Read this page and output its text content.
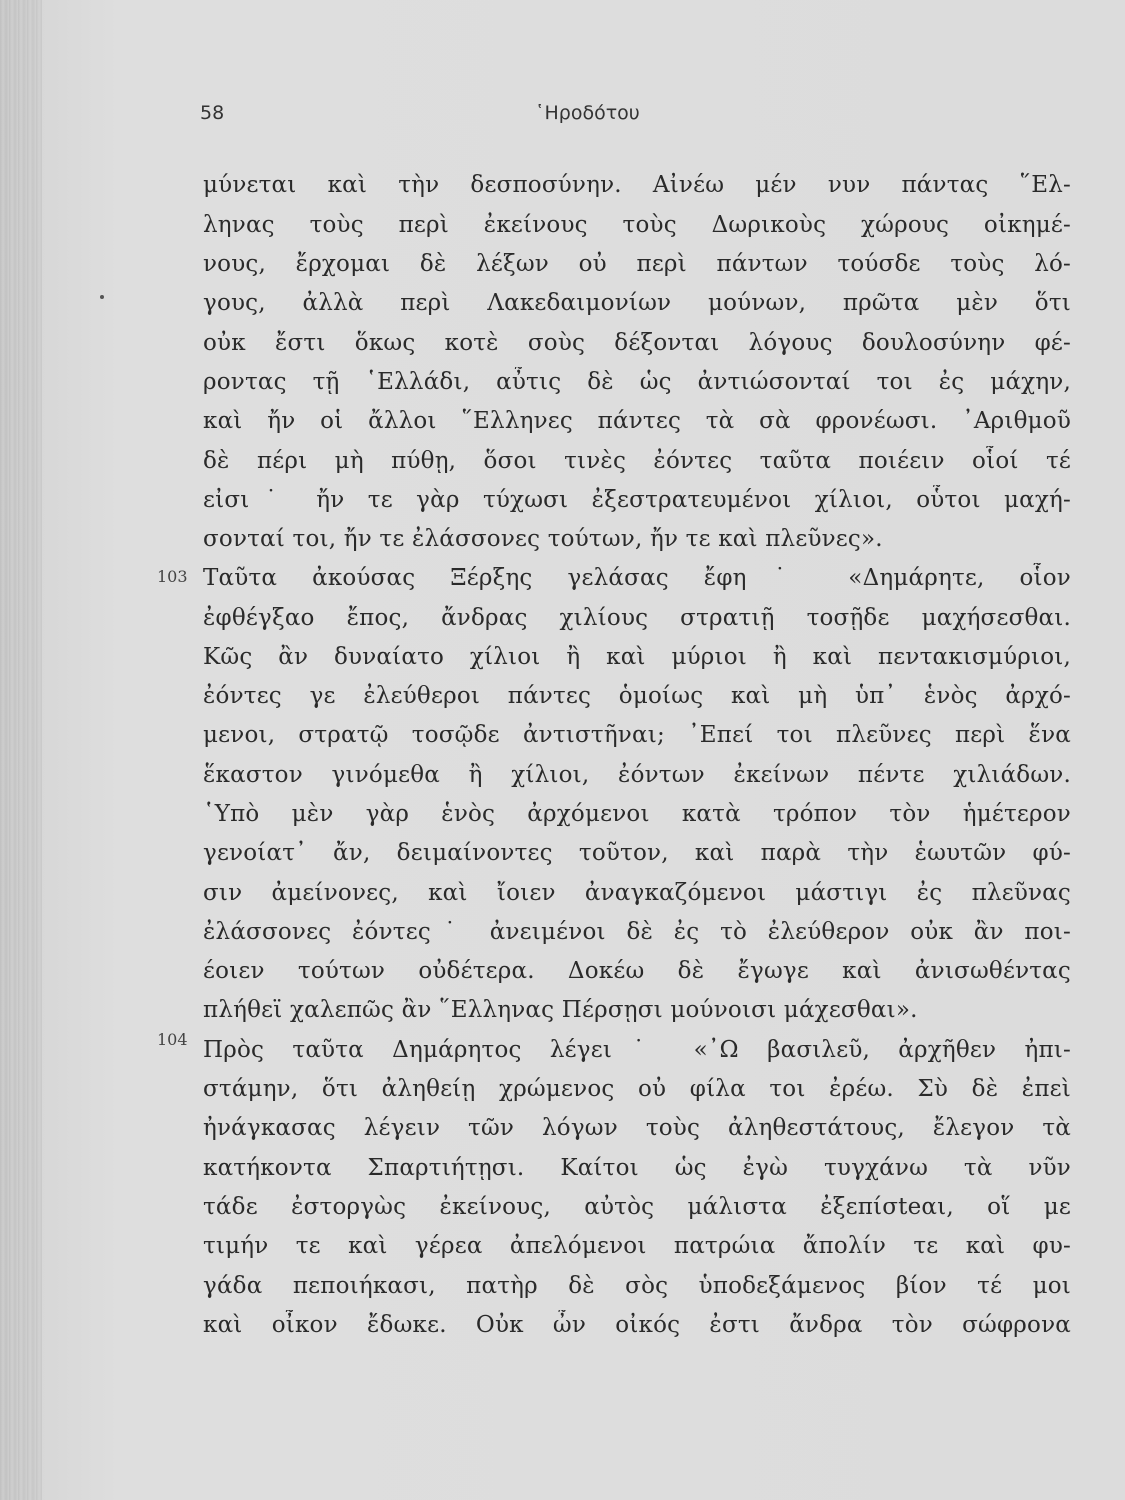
58	῾Ηροδότου
103
104
μύνεται καὶ τὴν δεσποσύνην. Αἰνέω μέν νυν πάντας ῞Ελ-
ληνας τοὺς περὶ ἐκείνους τοὺς Δωρικοὺς χώρους οἰκημέ-
νους, ἔρχομαι δὲ λέξων οὐ περὶ πάντων τούσδε τοὺς λό-
γους, ἀλλὰ περὶ Λακεδαιμονίων μούνων, πρῶτα μὲν ὅτι
οὐκ ἔστι ὅκως κοτὲ σοὺς δέξονται λόγους δουλοσύνην φέ-
ροντας τῇ ῾Ελλάδι, αὖτις δὲ ὡς ἀντιώσονταί τοι ἐς μάχην,
καὶ ἤν οἱ ἄλλοι ῞Ελληνες πάντες τὰ σὰ φρονέωσι. ᾿Αριθμοῦ
δὲ πέρι μὴ πύθῃ, ὅσοι τινὲς ἐόντες ταῦτα ποιέειν οἷοί τέ
εἰσι˙ ἤν τε γὰρ τύχωσι ἐξεστρατευμένοι χίλιοι, οὗτοι μαχή-
σονταί τοι, ἤν τε ἐλάσσονες τούτων, ἤν τε καὶ πλεῦνες».
Ταῦτα ἀκούσας Ξέρξης γελάσας ἔφη˙ «Δημάρητε, οἷον
ἐφθέγξαο ἔπος, ἄνδρας χιλίους στρατιῇ τοσῇδε μαχήσεσθαι.
Κῶς ἂν δυναίατο χίλιοι ἢ καὶ μύριοι ἢ καὶ πεντακισμύριοι,
ἐόντες γε ἐλεύθεροι πάντες ὁμοίως καὶ μὴ ὑπ᾿ ἑνὸς ἀρχό-
μενοι, στρατῷ τοσῷδε ἀντιστῆναι; ᾿Επεί τοι πλεῦνες περὶ ἕνα
ἕκαστον γινόμεθα ἢ χίλιοι, ἐόντων ἐκείνων πέντε χιλιάδων.
῾Υπὸ μὲν γὰρ ἑνὸς ἀρχόμενοι κατὰ τρόπον τὸν ἡμέτερον
γενοίατ᾿ ἄν, δειμαίνοντες τοῦτον, καὶ παρὰ τὴν ἑωυτῶν φύ-
σιν ἀμείνονες, καὶ ἴοιεν ἀναγκαζόμενοι μάστιγι ἐς πλεῦνας
ἐλάσσονες ἐόντες˙ ἀνειμένοι δὲ ἐς τὸ ἐλεύθερον οὐκ ἂν ποι-
έοιεν τούτων οὐδέτερα. Δοκέω δὲ ἔγωγε καὶ ἀνισωθέντας
πλήθεϊ χαλεπῶς ἂν ῞Ελληνας Πέρσῃσι μούνοισι μάχεσθαι».
Πρὸς ταῦτα Δημάρητος λέγει˙ «᾿Ω βασιλεῦ, ἀρχῆθεν ἠπι-
στάμην, ὅτι ἀληθείῃ χρώμενος οὐ φίλα τοι ἐρέω. Σὺ δὲ ἐπεὶ
ἠνάγκασας λέγειν τῶν λόγων τοὺς ἀληθεστάτους, ἔλεγον τὰ
κατήκοντα Σπαρτιήτῃσι. Καίτοι ὡς ἐγὼ τυγχάνω τὰ νῦν
τάδε ἐστοργὼς ἐκείνους, αὐτὸς μάλιστα ἐξεπίσteαι, οἵ με
τιμήν τε καὶ γέρεα ἀπελόμενοι πατρώια ἄπολίν τε καὶ φυ-
γάδα πεποιήκασι, πατὴρ δὲ σὸς ὑποδεξάμενος βίον τέ μοι
καὶ οἶκον ἔδωκε. Οὐκ ὦν οἰκός ἐστι ἄνδρα τὸν σώφρονα
